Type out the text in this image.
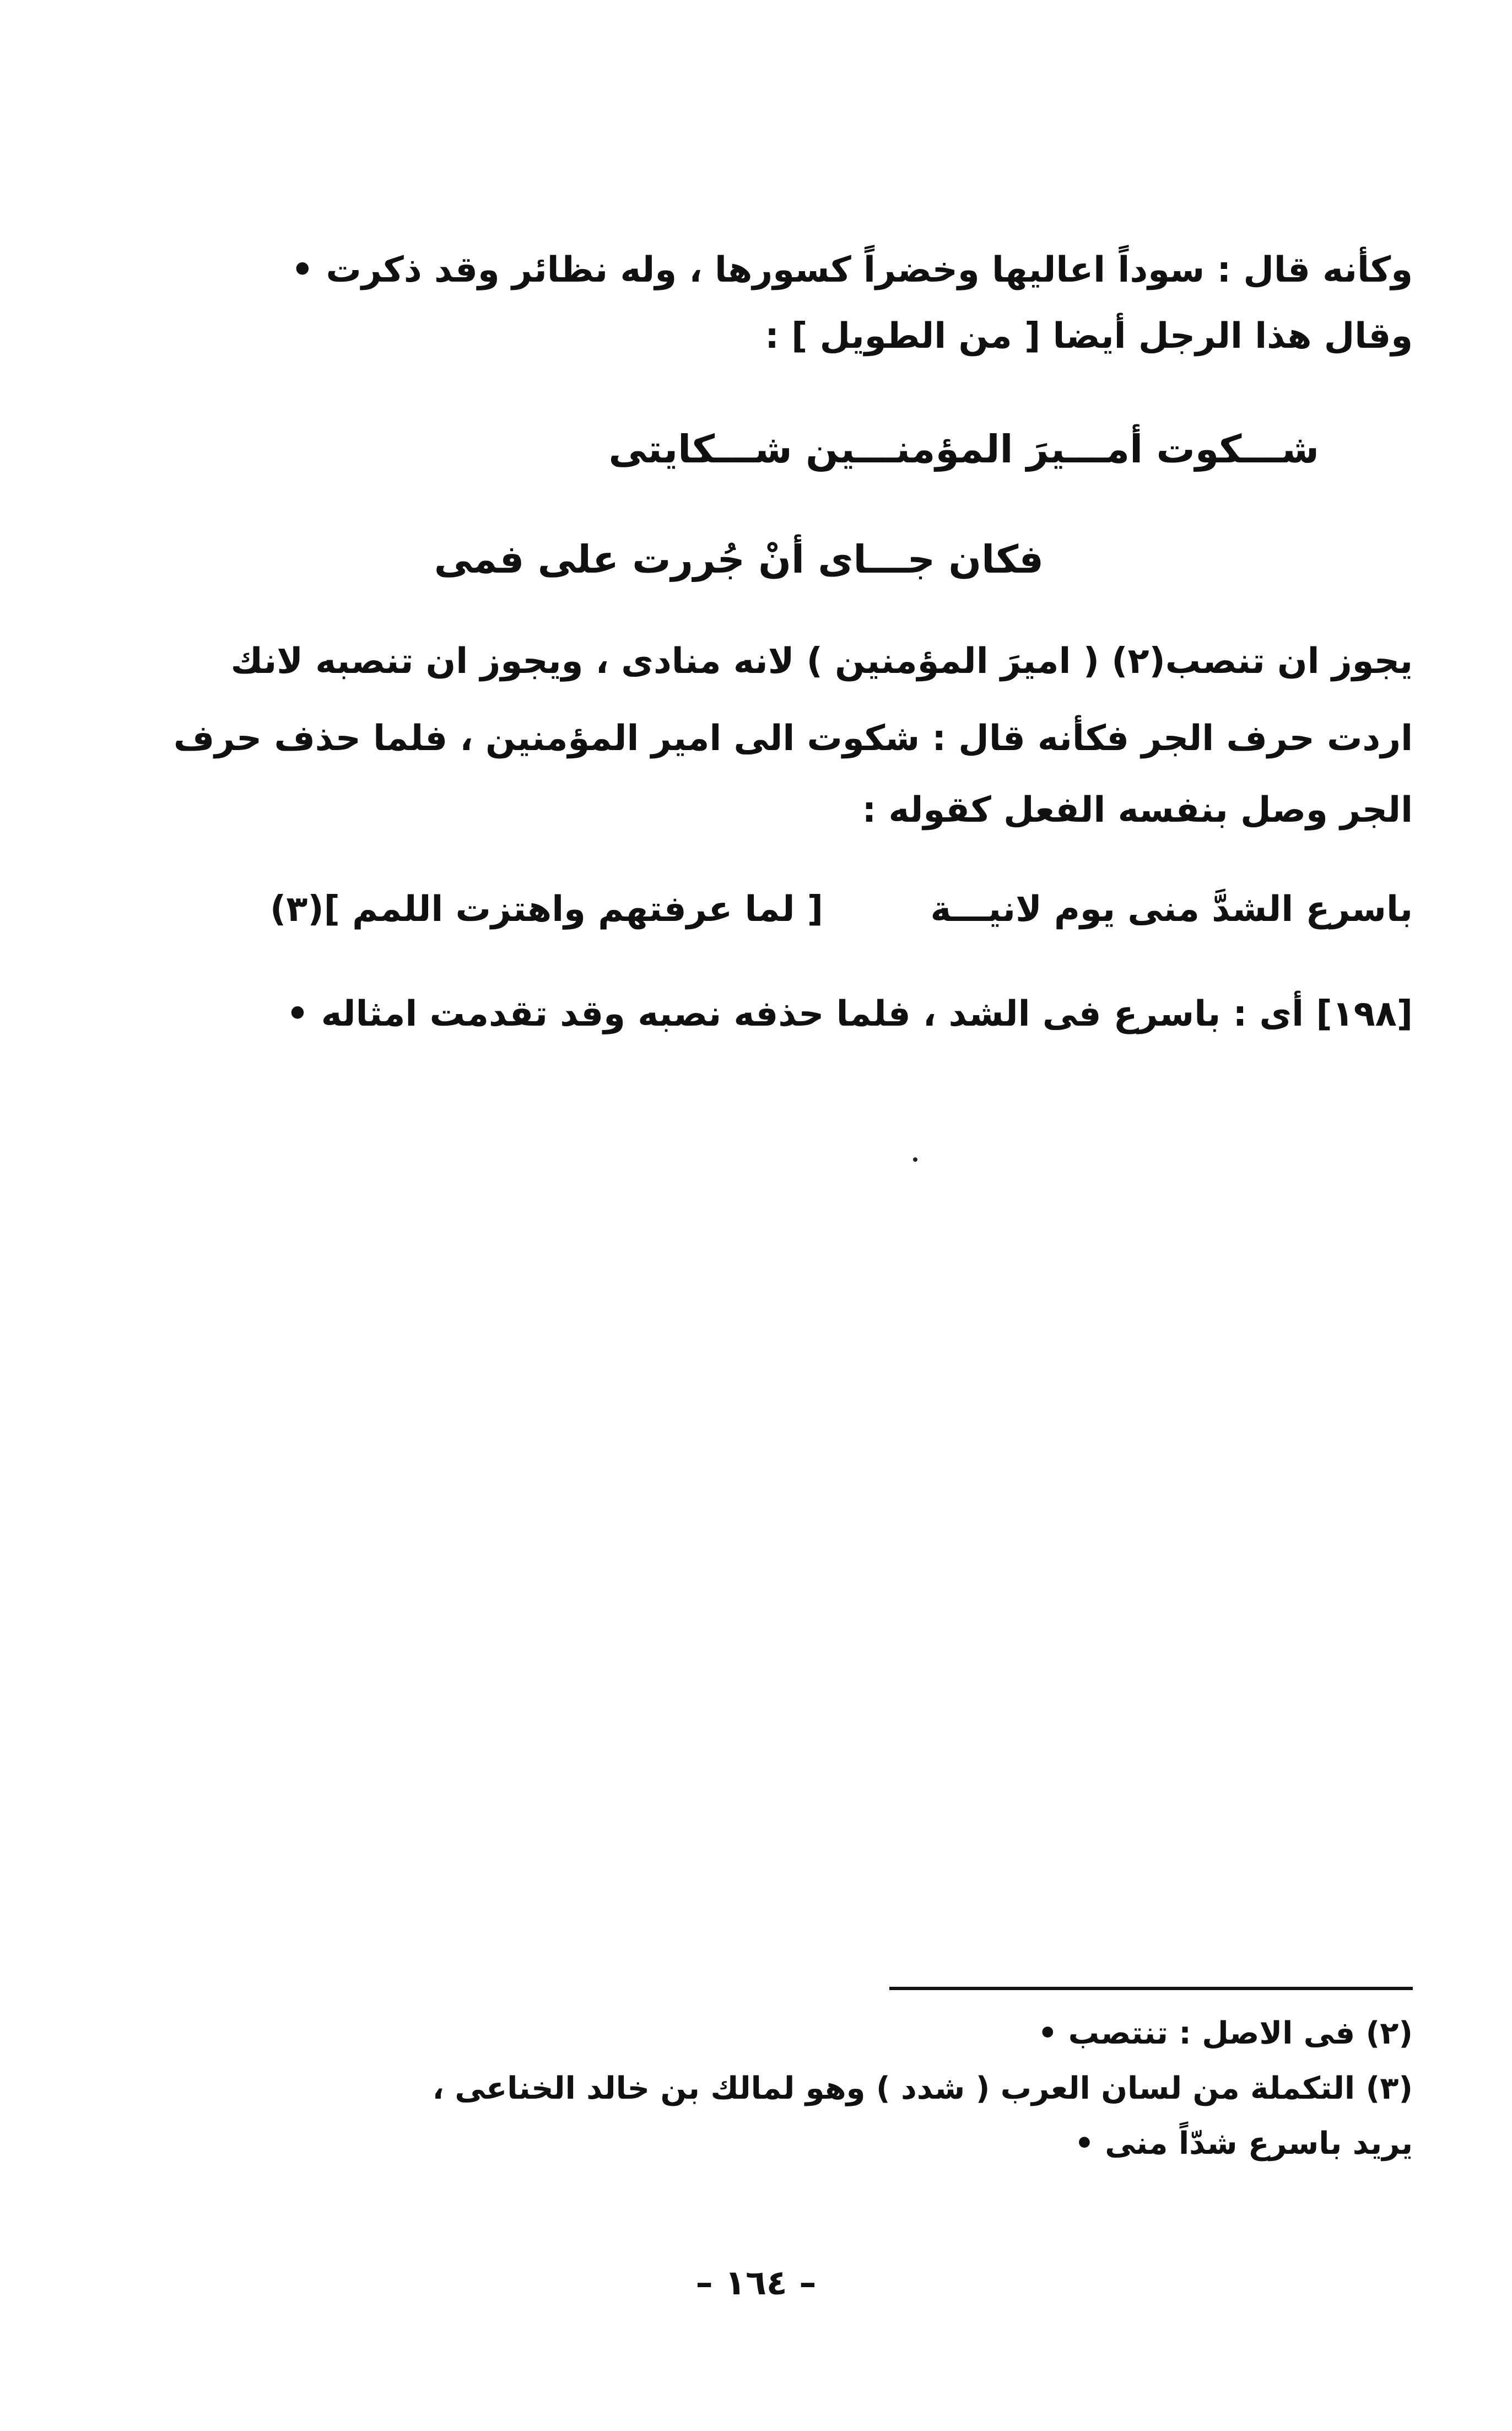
وكأنه قال : سوداً اعاليها وخضراً كسورها ، وله نظائر وقد ذكرت •
وقال هذا الرجل أيضا [ من الطويل ] :
شـــكوت أمـــيرَ المؤمنـــين شـــكايتى
فكان جـــاى أنْ جُررت على فمى
يجوز ان تنصب(٢) ( اميرَ المؤمنين ) لانه منادى ، ويجوز ان تنصبه لانك
اردت حرف الجر فكأنه قال : شكوت الى امير المؤمنين ، فلما حذف حرف
الجر وصل بنفسه الفعل كقوله :
باسرع الشدَّ منى يوم لانيـــة
[ لما عرفتهم واهتزت اللمم ](٣)
[١٩٨] أى : باسرع فى الشد ، فلما حذفه نصبه وقد تقدمت امثاله •
(٢) فى الاصل : تنتصب •
(٣) التكملة من لسان العرب ( شدد ) وهو لمالك بن خالد الخناعى ،
يريد باسرع شدّاً منى •
– ١٦٤ –
